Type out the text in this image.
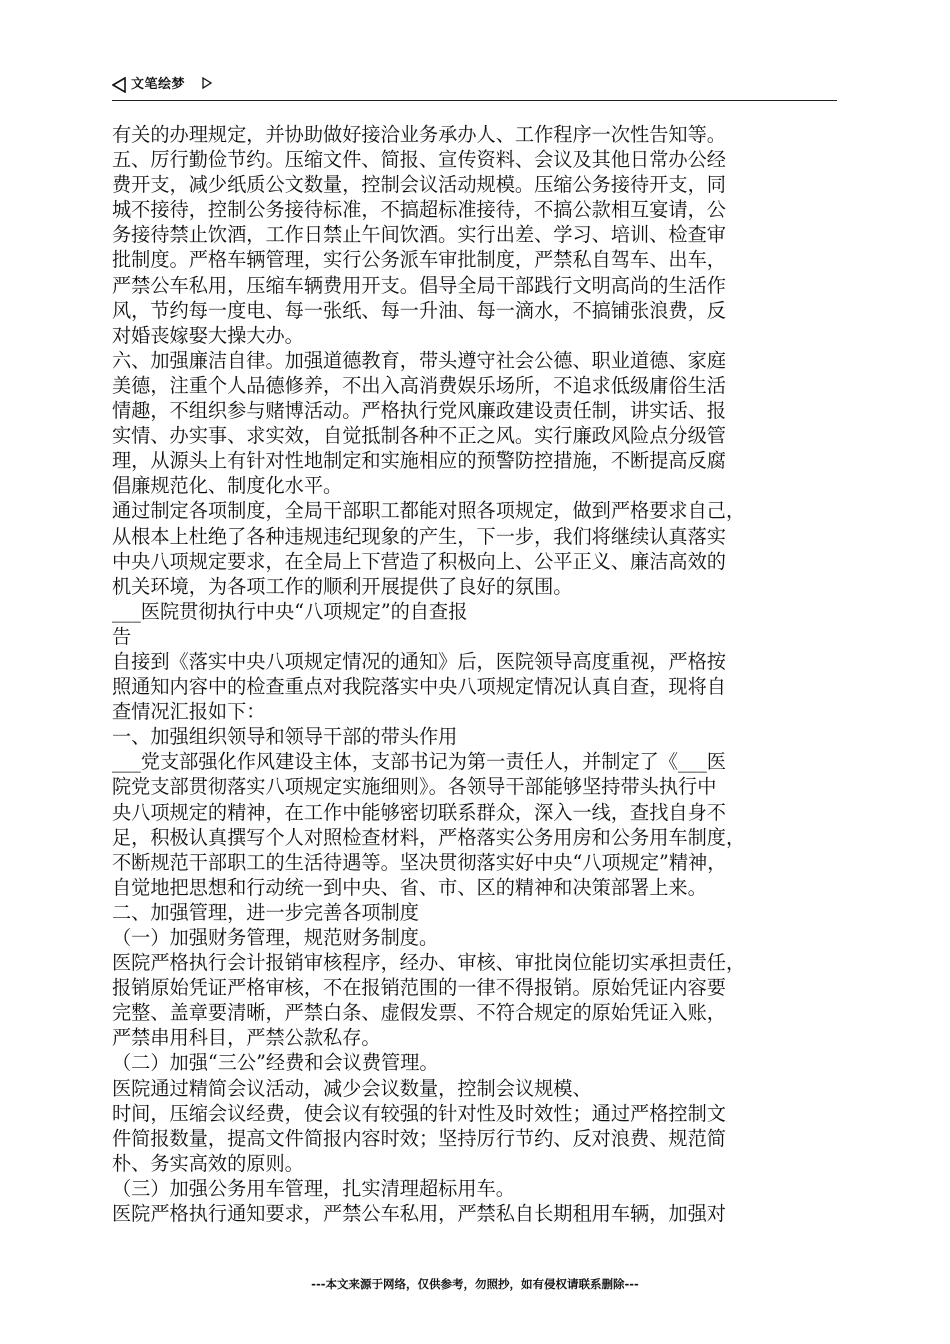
文笔绘梦
有关的办理规定，并协助做好接洽业务承办人、工作程序一次性告知等。
五、厉行勤俭节约。压缩文件、简报、宣传资料、会议及其他日常办公经
费开支，减少纸质公文数量，控制会议活动规模。压缩公务接待开支，同
城不接待，控制公务接待标准，不搞超标准接待，不搞公款相互宴请，公
务接待禁止饮酒，工作日禁止午间饮酒。实行出差、学习、培训、检查审
批制度。严格车辆管理，实行公务派车审批制度，严禁私自驾车、出车，
严禁公车私用，压缩车辆费用开支。倡导全局干部践行文明高尚的生活作
风，节约每一度电、每一张纸、每一升油、每一滴水，不搞铺张浪费，反
对婚丧嫁娶大操大办。
六、加强廉洁自律。加强道德教育，带头遵守社会公德、职业道德、家庭
美德，注重个人品德修养，不出入高消费娱乐场所，不追求低级庸俗生活
情趣，不组织参与赌博活动。严格执行党风廉政建设责任制，讲实话、报
实情、办实事、求实效，自觉抵制各种不正之风。实行廉政风险点分级管
理，从源头上有针对性地制定和实施相应的预警防控措施，不断提高反腐
倡廉规范化、制度化水平。
通过制定各项制度，全局干部职工都能对照各项规定，做到严格要求自己，
从根本上杜绝了各种违规违纪现象的产生，下一步，我们将继续认真落实
中央八项规定要求，在全局上下营造了积极向上、公平正义、廉洁高效的
机关环境，为各项工作的顺利开展提供了良好的氛围。
___医院贯彻执行中央“八项规定”的自查报
告
自接到《落实中央八项规定情况的通知》后，医院领导高度重视，严格按
照通知内容中的检查重点对我院落实中央八项规定情况认真自查，现将自
查情况汇报如下：
一、加强组织领导和领导干部的带头作用
___党支部强化作风建设主体，支部书记为第一责任人，并制定了《___医
院党支部贯彻落实八项规定实施细则》。各领导干部能够坚持带头执行中
央八项规定的精神，在工作中能够密切联系群众，深入一线，查找自身不
足，积极认真撰写个人对照检查材料，严格落实公务用房和公务用车制度，
不断规范干部职工的生活待遇等。坚决贯彻落实好中央“八项规定”精神，
自觉地把思想和行动统一到中央、省、市、区的精神和决策部署上来。
二、加强管理，进一步完善各项制度
（一）加强财务管理，规范财务制度。
医院严格执行会计报销审核程序，经办、审核、审批岗位能切实承担责任，
报销原始凭证严格审核，不在报销范围的一律不得报销。原始凭证内容要
完整、盖章要清晰，严禁白条、虚假发票、不符合规定的原始凭证入账，
严禁串用科目，严禁公款私存。
（二）加强“三公”经费和会议费管理。
医院通过精简会议活动，减少会议数量，控制会议规模、
时间，压缩会议经费，使会议有较强的针对性及时效性；通过严格控制文
件简报数量，提高文件简报内容时效；坚持厉行节约、反对浪费、规范简
朴、务实高效的原则。
（三）加强公务用车管理，扎实清理超标用车。
医院严格执行通知要求，严禁公车私用，严禁私自长期租用车辆，加强对
---本文来源于网络，仅供参考，勿照抄，如有侵权请联系删除---
